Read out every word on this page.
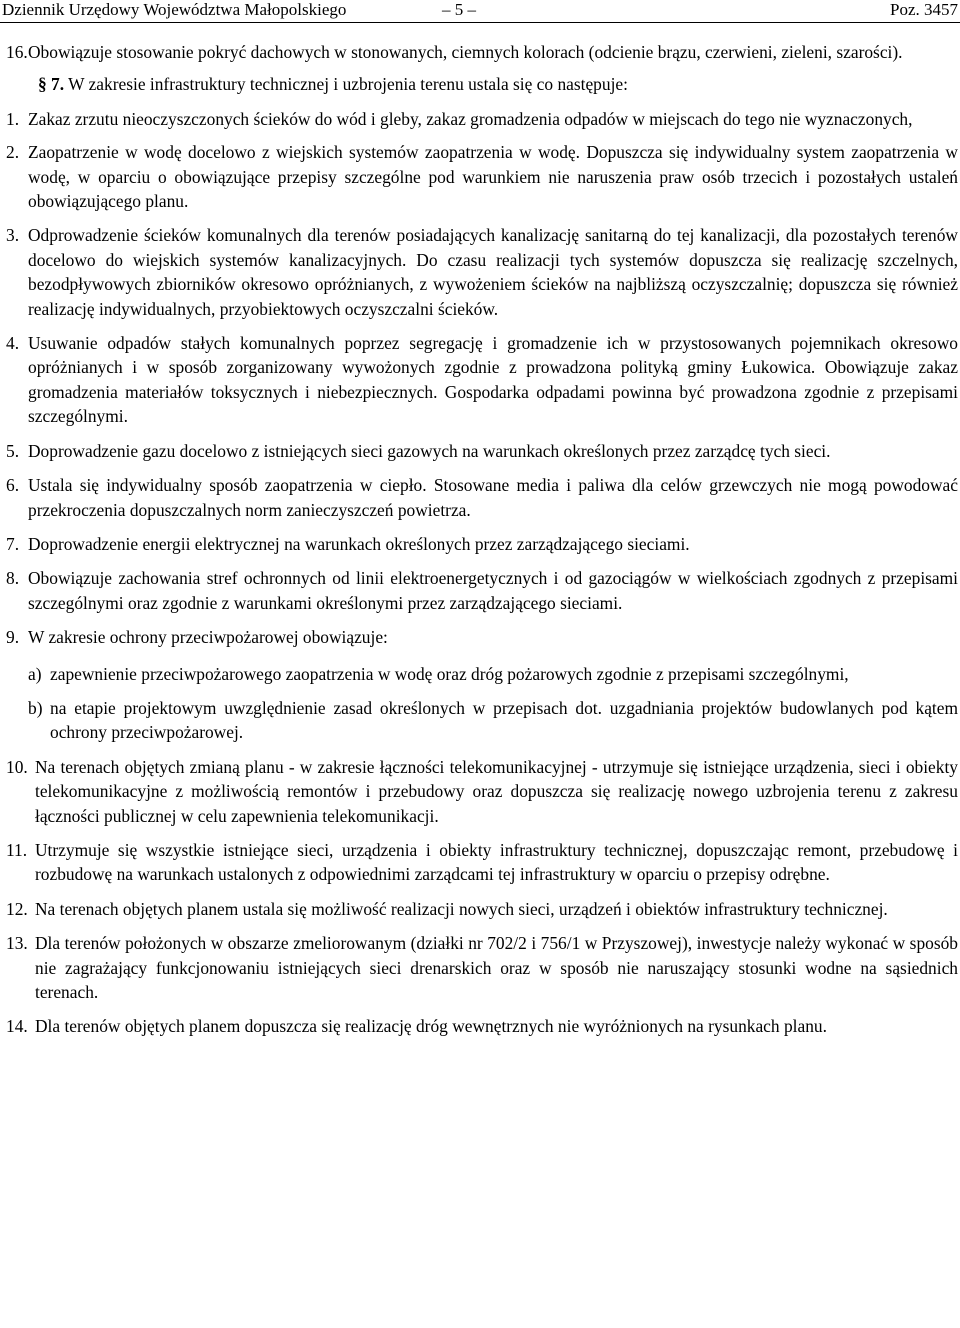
Dziennik Urzędowy Województwa Małopolskiego	– 5 –	Poz. 3457
16. Obowiązuje stosowanie pokryć dachowych w stonowanych, ciemnych kolorach (odcienie brązu, czerwieni, zieleni, szarości).
§ 7. W zakresie infrastruktury technicznej i uzbrojenia terenu ustala się co następuje:
1. Zakaz zrzutu nieoczyszczonych ścieków do wód i gleby, zakaz gromadzenia odpadów w miejscach do tego nie wyznaczonych,
2. Zaopatrzenie w wodę docelowo z wiejskich systemów zaopatrzenia w wodę. Dopuszcza się indywidualny system zaopatrzenia w wodę, w oparciu o obowiązujące przepisy szczególne pod warunkiem nie naruszenia praw osób trzecich i pozostałych ustaleń obowiązującego planu.
3. Odprowadzenie ścieków komunalnych dla terenów posiadających kanalizację sanitarną do tej kanalizacji, dla pozostałych terenów docelowo do wiejskich systemów kanalizacyjnych. Do czasu realizacji tych systemów dopuszcza się realizację szczelnych, bezodpływowych zbiorników okresowo opróżnianych, z wywożeniem ścieków na najbliższą oczyszczalnię; dopuszcza się również realizację indywidualnych, przyobiektowych oczyszczalni ścieków.
4. Usuwanie odpadów stałych komunalnych poprzez segregację i gromadzenie ich w przystosowanych pojemnikach okresowo opróżnianych i w sposób zorganizowany wywożonych zgodnie z prowadzona polityką gminy Łukowica. Obowiązuje zakaz gromadzenia materiałów toksycznych i niebezpiecznych. Gospodarka odpadami powinna być prowadzona zgodnie z przepisami szczególnymi.
5. Doprowadzenie gazu docelowo z istniejących sieci gazowych na warunkach określonych przez zarządcę tych sieci.
6. Ustala się indywidualny sposób zaopatrzenia w ciepło. Stosowane media i paliwa dla celów grzewczych nie mogą powodować przekroczenia dopuszczalnych norm zanieczyszczeń powietrza.
7. Doprowadzenie energii elektrycznej na warunkach określonych przez zarządzającego sieciami.
8. Obowiązuje zachowania stref ochronnych od linii elektroenergetycznych i od gazociągów w wielkościach zgodnych z przepisami szczególnymi oraz zgodnie z warunkami określonymi przez zarządzającego sieciami.
9. W zakresie ochrony przeciwpożarowej obowiązuje:
a) zapewnienie przeciwpożarowego zaopatrzenia w wodę oraz dróg pożarowych zgodnie z przepisami szczególnymi,
b) na etapie projektowym uwzględnienie zasad określonych w przepisach dot. uzgadniania projektów budowlanych pod kątem ochrony przeciwpożarowej.
10. Na terenach objętych zmianą planu - w zakresie łączności telekomunikacyjnej - utrzymuje się istniejące urządzenia, sieci i obiekty telekomunikacyjne z możliwością remontów i przebudowy oraz dopuszcza się realizację nowego uzbrojenia terenu z zakresu łączności publicznej w celu zapewnienia telekomunikacji.
11. Utrzymuje się wszystkie istniejące sieci, urządzenia i obiekty infrastruktury technicznej, dopuszczając remont, przebudowę i rozbudowę na warunkach ustalonych z odpowiednimi zarządcami tej infrastruktury w oparciu o przepisy odrębne.
12. Na terenach objętych planem ustala się możliwość realizacji nowych sieci, urządzeń i obiektów infrastruktury technicznej.
13. Dla terenów położonych w obszarze zmeliorowanym (działki nr 702/2 i 756/1 w Przyszowej), inwestycje należy wykonać w sposób nie zagrażający funkcjonowaniu istniejących sieci drenarskich oraz w sposób nie naruszający stosunki wodne na sąsiednich terenach.
14. Dla terenów objętych planem dopuszcza się realizację dróg wewnętrznych nie wyróżnionych na rysunkach planu.
